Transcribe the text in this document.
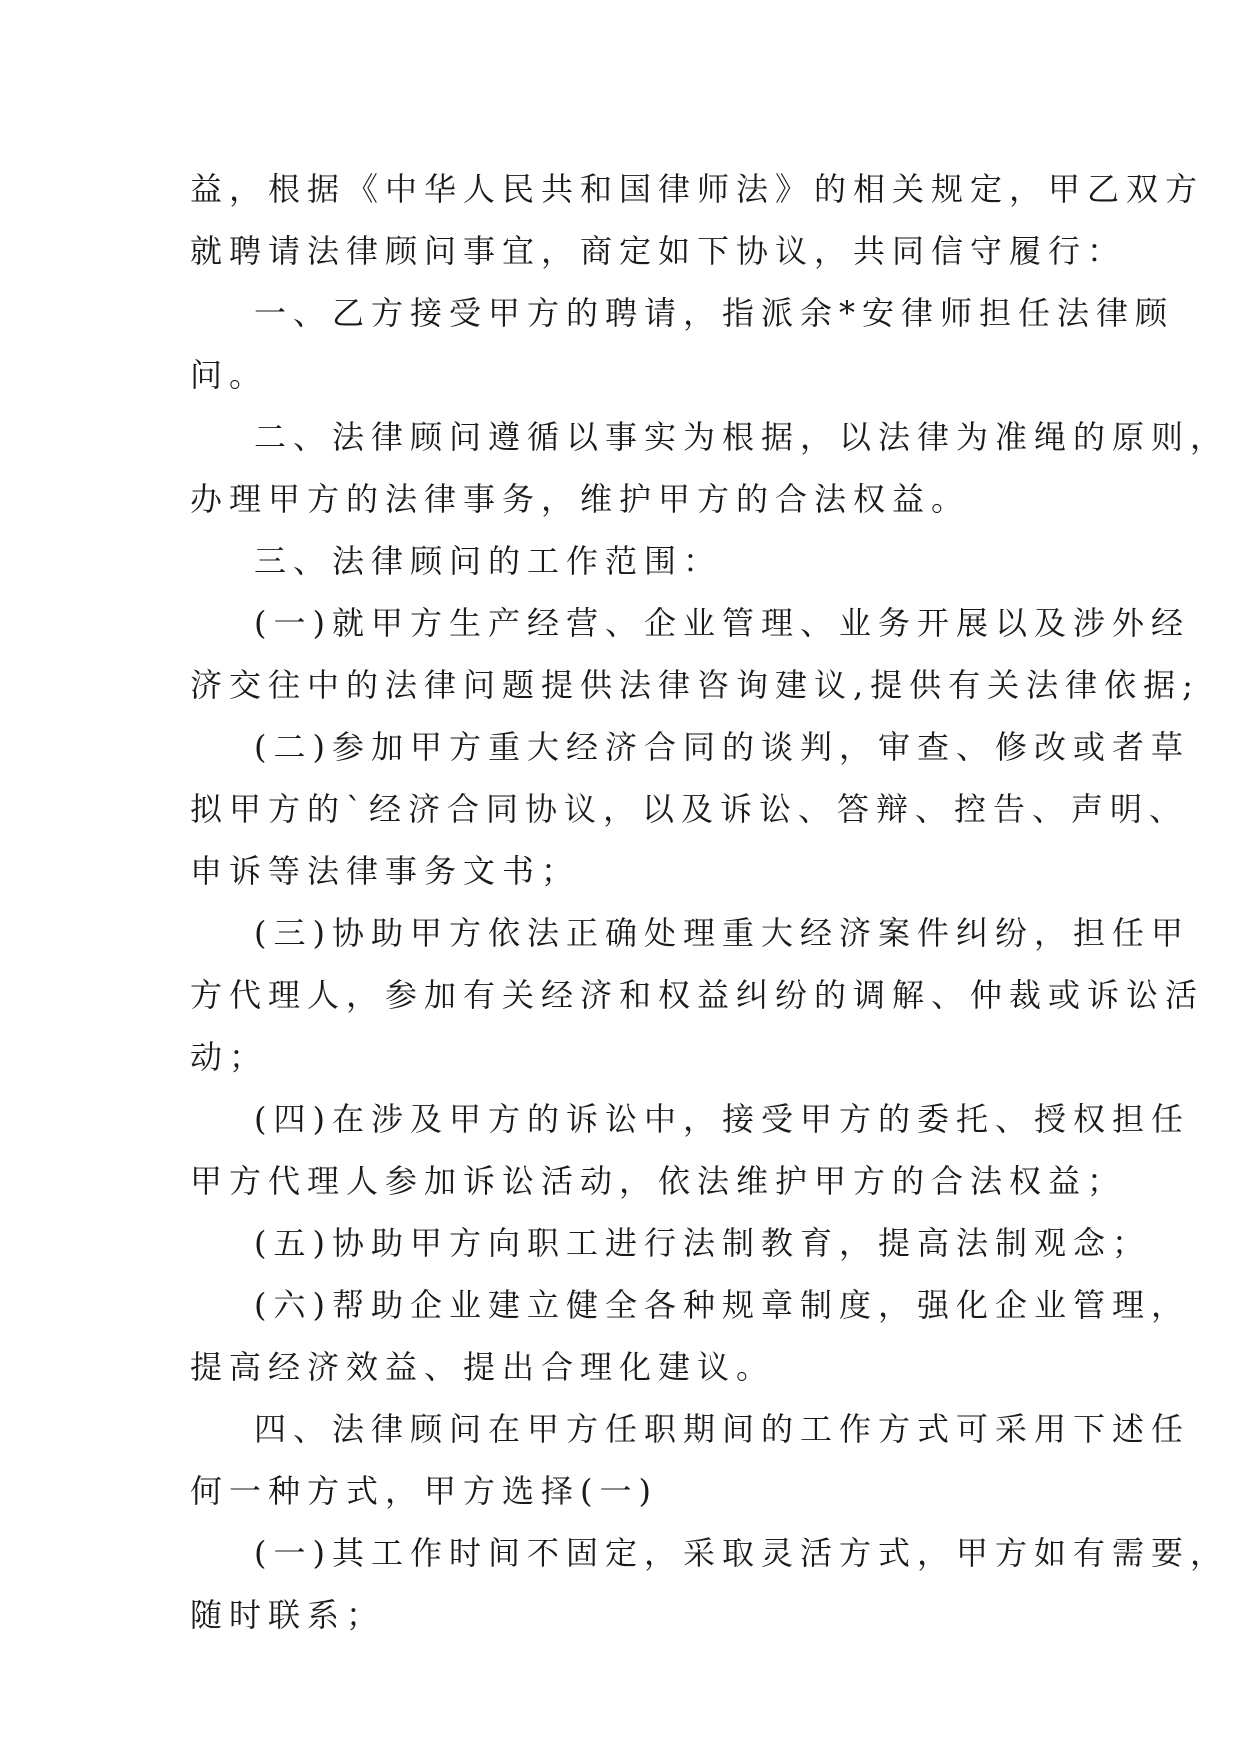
益，根据《中华人民共和国律师法》的相关规定，甲乙双方
就聘请法律顾问事宜，商定如下协议，共同信守履行：
一、乙方接受甲方的聘请，指派余*安律师担任法律顾
问。
二、法律顾问遵循以事实为根据，以法律为准绳的原则，
办理甲方的法律事务，维护甲方的合法权益。
三、法律顾问的工作范围：
(一)就甲方生产经营、企业管理、业务开展以及涉外经
济交往中的法律问题提供法律咨询建议,提供有关法律依据;
(二)参加甲方重大经济合同的谈判，审查、修改或者草
拟甲方的`经济合同协议，以及诉讼、答辩、控告、声明、
申诉等法律事务文书；
(三)协助甲方依法正确处理重大经济案件纠纷，担任甲
方代理人，参加有关经济和权益纠纷的调解、仲裁或诉讼活
动；
(四)在涉及甲方的诉讼中，接受甲方的委托、授权担任
甲方代理人参加诉讼活动，依法维护甲方的合法权益；
(五)协助甲方向职工进行法制教育，提高法制观念；
(六)帮助企业建立健全各种规章制度，强化企业管理，
提高经济效益、提出合理化建议。
四、法律顾问在甲方任职期间的工作方式可采用下述任
何一种方式，甲方选择(一)
(一)其工作时间不固定，采取灵活方式，甲方如有需要，
随时联系；
